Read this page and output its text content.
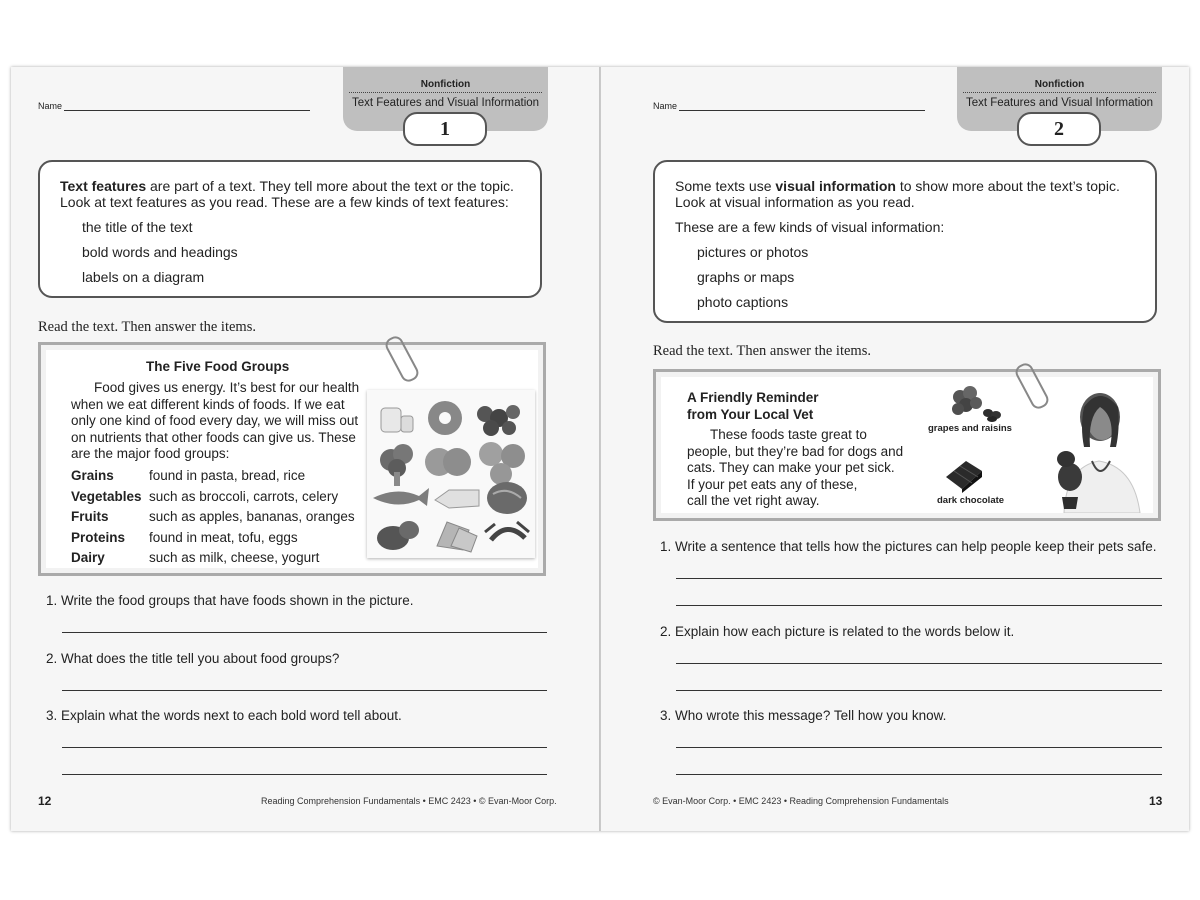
Name
Nonfiction
Text Features and Visual Information
1
Text features are part of a text. They tell more about the text or the topic.
Look at text features as you read. These are a few kinds of text features:
the title of the text
bold words and headings
labels on a diagram
Read the text. Then answer the items.
The Five Food Groups
Food gives us energy. It’s best for our health
when we eat different kinds of foods. If we eat
only one kind of food every day, we will miss out
on nutrients that other foods can give us. These
are the major food groups:
Grains	found in pasta, bread, rice
Vegetables such as broccoli, carrots, celery
Fruits	such as apples, bananas, oranges
Proteins found in meat, tofu, eggs
Dairy	such as milk, cheese, yogurt
1. Write the food groups that have foods shown in the picture.
2. What does the title tell you about food groups?
3. Explain what the words next to each bold word tell about.
12	Reading Comprehension Fundamentals • EMC 2423 • © Evan-Moor Corp.
Name
Nonfiction
Text Features and Visual Information
2
Some texts use visual information to show more about the text’s topic.
Look at visual information as you read.
These are a few kinds of visual information:
pictures or photos
graphs or maps
photo captions
Read the text. Then answer the items.
A Friendly Reminder
from Your Local Vet
These foods taste great to
people, but they’re bad for dogs and
cats. They can make your pet sick.
If your pet eats any of these,
call the vet right away.
grapes and raisins
dark chocolate
1. Write a sentence that tells how the pictures can help people keep their pets safe.
2. Explain how each picture is related to the words below it.
3. Who wrote this message? Tell how you know.
© Evan-Moor Corp. • EMC 2423 • Reading Comprehension Fundamentals	13
